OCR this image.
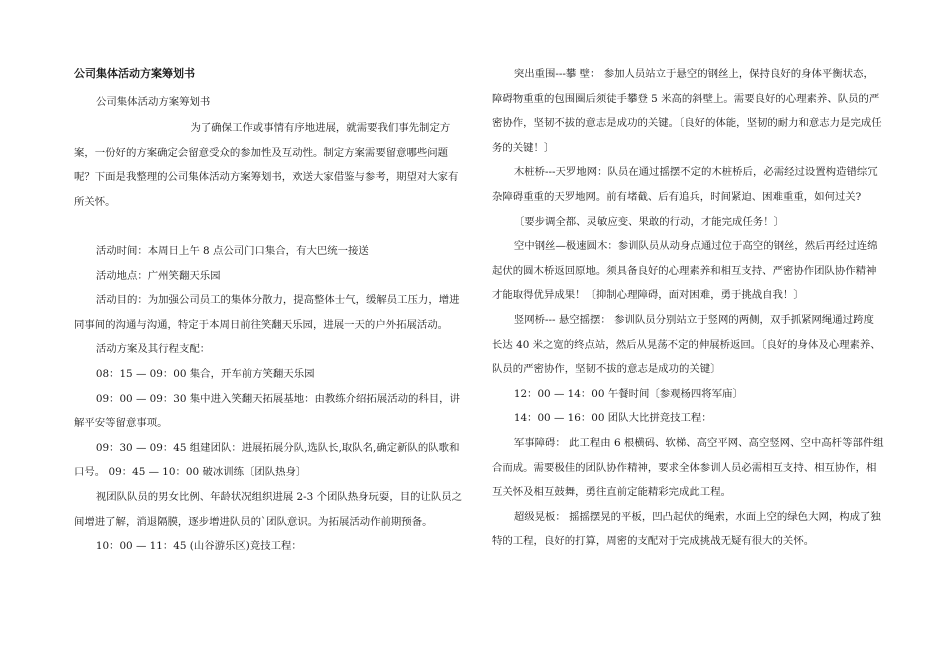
公司集体活动方案筹划书
公司集体活动方案筹划书

为了确保工作或事情有序地进展，就需要我们事先制定方案，一份好的方案确定会留意受众的参加性及互动性。制定方案需要留意哪些问题呢？下面是我整理的公司集体活动方案筹划书，欢送大家借鉴与参考，期望对大家有所关怀。

活动时间：本周日上午 8 点公司门口集合，有大巴统一接送

活动地点：广州笑翻天乐园

活动目的：为加强公司员工的集体分散力，提高整体士气，缓解员工压力，增进同事间的沟通与沟通，特定于本周日前往笑翻天乐园，进展一天的户外拓展活动。

活动方案及其行程支配：

08：15 — 09：00 集合，开车前方笑翻天乐园

09：00 — 09：30 集中进入笑翻天拓展基地：由教练介绍拓展活动的科目，讲解平安等留意事项。

09：30 — 09：45 组建团队：进展拓展分队,选队长,取队名,确定新队的队歌和口号。 09：45 — 10：00 破冰训练〔团队热身〕

视团队队员的男女比例、年龄状况组织进展 2-3 个团队热身玩耍，目的让队员之间增进了解，消退隔膜，逐步增进队员的`团队意识。为拓展活动作前期预备。

10：00 — 11：45 (山谷游乐区)竞技工程：

突出重围---攀 壁： 参加人员站立于悬空的钢丝上，保持良好的身体平衡状态，障碍物重重的包围圈后须徒手攀登 5 米高的斜壁上。需要良好的心理素养、队员的严密协作，坚韧不拔的意志是成功的关键。〔良好的体能，坚韧的耐力和意志力是完成任务的关键！〕

木桩桥---天罗地网：队员在通过摇摆不定的木桩桥后，必需经过设置构造错综冗杂障碍重重的天罗地网。前有堵截、后有追兵，时间紧迫、困难重重，如何过关?

〔要步调全都、灵敏应变、果敢的行动，才能完成任务！〕

空中钢丝—极速圆木：参训队员从动身点通过位于高空的钢丝，然后再经过连绵起伏的圆木桥返回原地。须具备良好的心理素养和相互支持、严密协作团队协作精神才能取得优异成果！〔抑制心理障碍，面对困难，勇于挑战自我！〕

竖网桥--- 悬空摇摆： 参训队员分别站立于竖网的两侧，双手抓紧网绳通过跨度长达 40 米之宽的终点站，然后从晃荡不定的伸展桥返回。〔良好的身体及心理素养、队员的严密协作，坚韧不拔的意志是成功的关键〕

12：00 — 14：00 午餐时间〔参观杨四将军庙〕

14：00 — 16：00 团队大比拼竞技工程：

军事障碍： 此工程由 6 根横码、软梯、高空平网、高空竖网、空中高杆等部件组合而成。需要极佳的团队协作精神，要求全体参训人员必需相互支持、相互协作，相互关怀及相互鼓舞，勇往直前定能精彩完成此工程。

超级晃板： 摇摇摆晃的平板，凹凸起伏的绳索，水面上空的绿色大网，构成了独特的工程，良好的打算，周密的支配对于完成挑战无疑有很大的关怀。
